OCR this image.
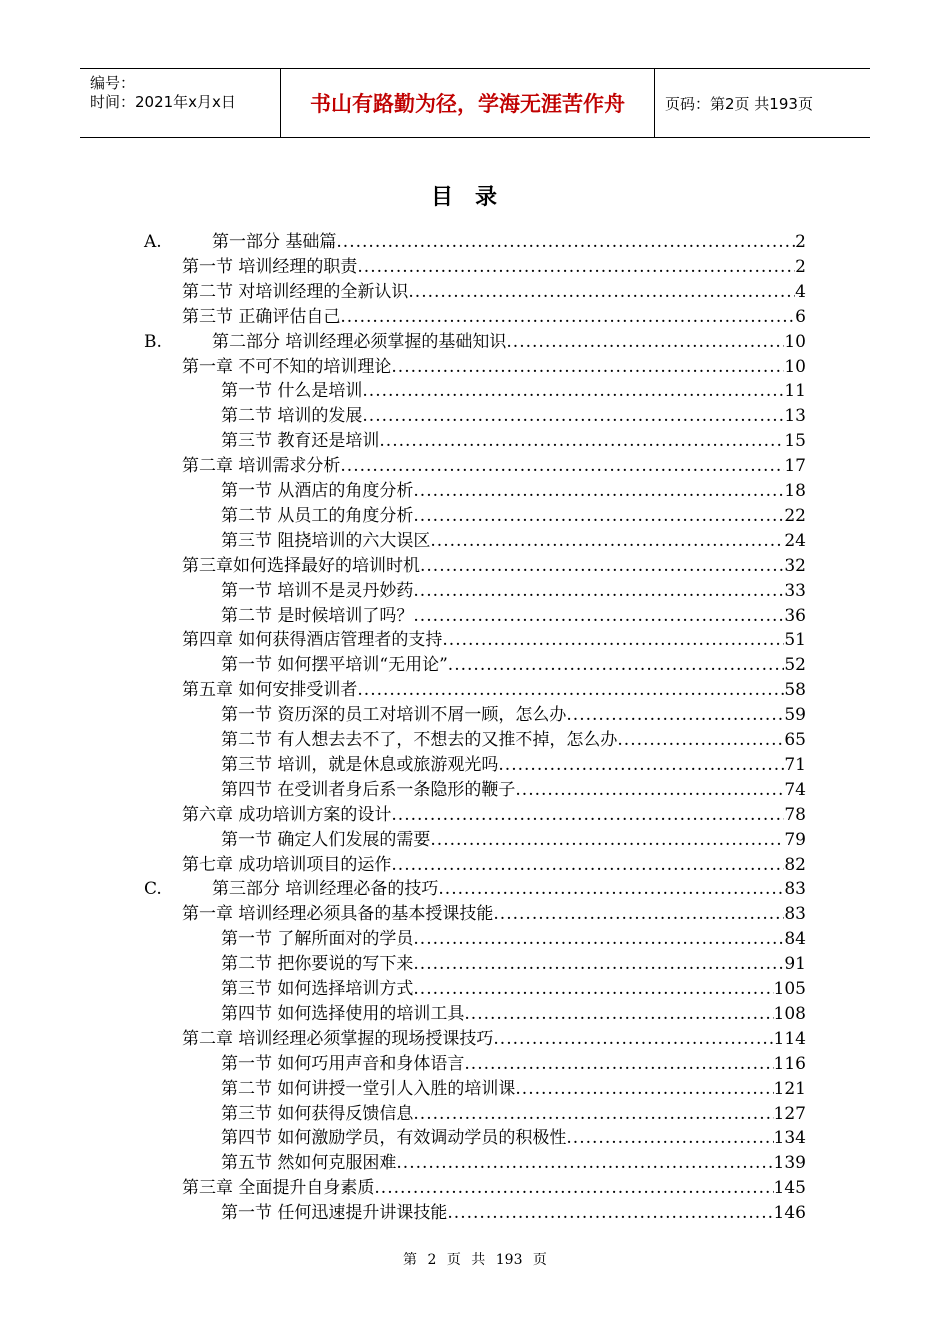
编号：
时间：2021年x月x日	书山有路勤为径，学海无涯苦作舟	页码：第2页 共193页
目录
A.	第一部分 基础篇 .....	2
第一节 培训经理的职责 .....	2
第二节 对培训经理的全新认识 .....	4
第三节 正确评估自己 .....	6
B.	第二部分 培训经理必须掌握的基础知识 .....	10
第一章 不可不知的培训理论 .....	10
第一节 什么是培训 .....	11
第二节 培训的发展 .....	13
第三节 教育还是培训 .....	15
第二章 培训需求分析 .....	17
第一节 从酒店的角度分析 .....	18
第二节 从员工的角度分析 .....	22
第三节 阻挠培训的六大误区 .....	24
第三章如何选择最好的培训时机 .....	32
第一节 培训不是灵丹妙药 .....	33
第二节 是时候培训了吗？ .....	36
第四章 如何获得酒店管理者的支持 .....	51
第一节 如何摆平培训“无用论” .....	52
第五章 如何安排受训者 .....	58
第一节 资历深的员工对培训不屑一顾，怎么办 .....	59
第二节 有人想去去不了，不想去的又推不掉，怎么办 .....	65
第三节 培训，就是休息或旅游观光吗 .....	71
第四节 在受训者身后系一条隐形的鞭子 .....	74
第六章 成功培训方案的设计 .....	78
第一节 确定人们发展的需要 .....	79
第七章 成功培训项目的运作 .....	82
C.	第三部分 培训经理必备的技巧 .....	83
第一章 培训经理必须具备的基本授课技能 .....	83
第一节 了解所面对的学员 .....	84
第二节 把你要说的写下来 .....	91
第三节 如何选择培训方式 .....	105
第四节 如何选择使用的培训工具 .....	108
第二章 培训经理必须掌握的现场授课技巧 .....	114
第一节 如何巧用声音和身体语言 .....	116
第二节 如何讲授一堂引人入胜的培训课 .....	121
第三节 如何获得反馈信息 .....	127
第四节 如何激励学员，有效调动学员的积极性 .....	134
第五节 然如何克服困难 .....	139
第三章 全面提升自身素质 .....	145
第一节 任何迅速提升讲课技能 .....	146
第 2 页 共 193 页
